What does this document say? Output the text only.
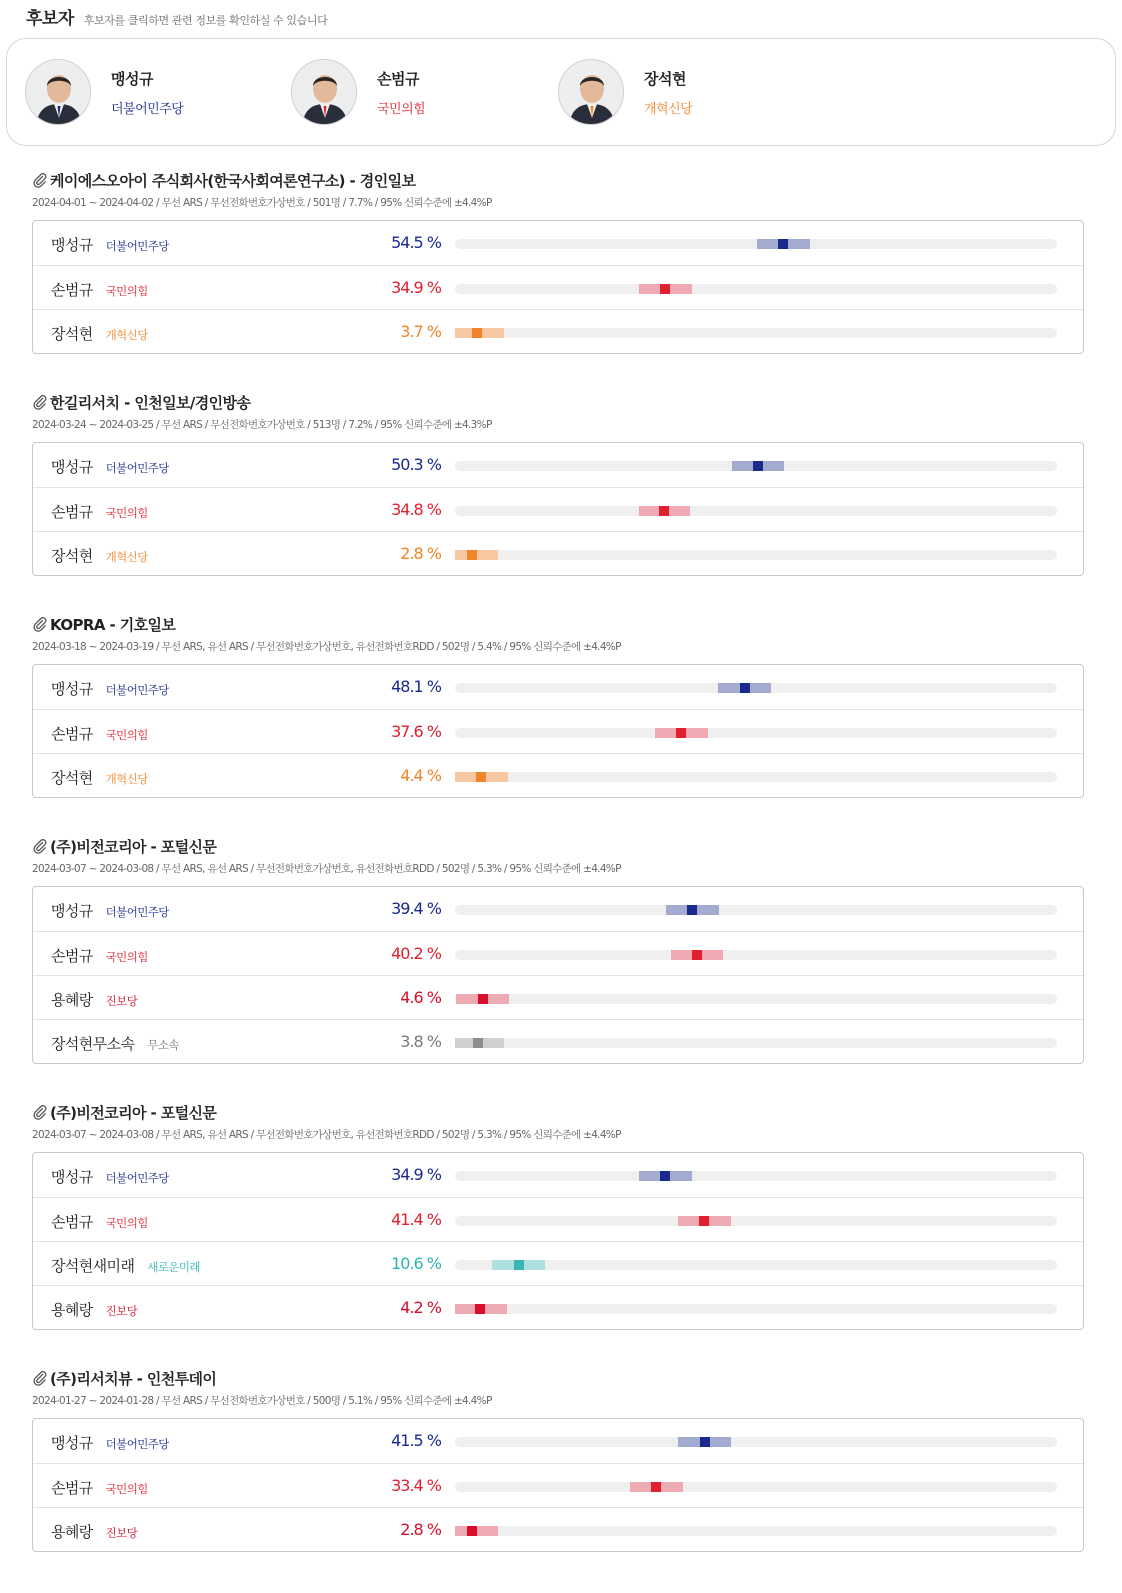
후보자 후보자를 클릭하면 관련 정보를 확인하실 수 있습니다
맹성규
더불어민주당
손범규
국민의힘
장석현
개혁신당
케이에스오아이 주식회사(한국사회여론연구소) - 경인일보
2024-04-01 ~ 2024-04-02 / 무선 ARS / 무선전화번호가상번호 / 501명 / 7.7% / 95% 신뢰수준에 ±4.4%P
맹성규 더불어민주당	54.5 %
손범규 국민의힘	34.9 %
장석현 개혁신당	3.7 %
한길리서치 - 인천일보/경인방송
2024-03-24 ~ 2024-03-25 / 무선 ARS / 무선전화번호가상번호 / 513명 / 7.2% / 95% 신뢰수준에 ±4.3%P
맹성규 더불어민주당	50.3 %
손범규 국민의힘	34.8 %
장석현 개혁신당	2.8 %
KOPRA - 기호일보
2024-03-18 ~ 2024-03-19 / 무선 ARS, 유선 ARS / 무선전화번호가상번호, 유선전화번호RDD / 502명 / 5.4% / 95% 신뢰수준에 ±4.4%P
맹성규 더불어민주당	48.1 %
손범규 국민의힘	37.6 %
장석현 개혁신당	4.4 %
(주)비전코리아 - 포털신문
2024-03-07 ~ 2024-03-08 / 무선 ARS, 유선 ARS / 무선전화번호가상번호, 유선전화번호RDD / 502명 / 5.3% / 95% 신뢰수준에 ±4.4%P
맹성규 더불어민주당	39.4 %
손범규 국민의힘	40.2 %
용혜랑 진보당	4.6 %
장석현무소속 무소속	3.8 %
(주)비전코리아 - 포털신문
2024-03-07 ~ 2024-03-08 / 무선 ARS, 유선 ARS / 무선전화번호가상번호, 유선전화번호RDD / 502명 / 5.3% / 95% 신뢰수준에 ±4.4%P
맹성규 더불어민주당	34.9 %
손범규 국민의힘	41.4 %
장석현새미래 새로운미래	10.6 %
용혜랑 진보당	4.2 %
(주)리서치뷰 - 인천투데이
2024-01-27 ~ 2024-01-28 / 무선 ARS / 무선전화번호가상번호 / 500명 / 5.1% / 95% 신뢰수준에 ±4.4%P
맹성규 더불어민주당	41.5 %
손범규 국민의힘	33.4 %
용혜랑 진보당	2.8 %
